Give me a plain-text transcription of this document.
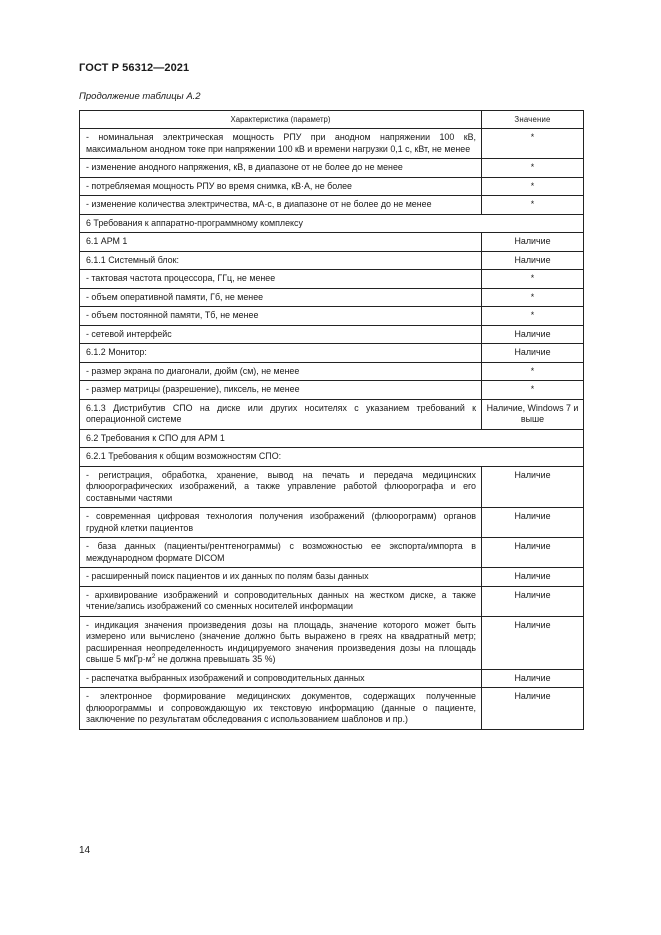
ГОСТ Р 56312—2021
Продолжение таблицы А.2
Характеристика (параметр)	Значение
- номинальная электрическая мощность РПУ при анодном напряжении 100 кВ, максимальном анодном токе при напряжении 100 кВ и времени нагрузки 0,1 с, кВт, не менее	*
- изменение анодного напряжения, кВ, в диапазоне от не более до не менее	*
- потребляемая мощность РПУ во время снимка, кВ·А, не более	*
- изменение количества электричества, мА·с, в диапазоне от не более до не менее	*
6 Требования к аппаратно-программному комплексу	
6.1 АРМ 1	Наличие
6.1.1 Системный блок:	Наличие
- тактовая частота процессора, ГГц, не менее	*
- объем оперативной памяти, Гб, не менее	*
- объем постоянной памяти, Тб, не менее	*
- сетевой интерфейс	Наличие
6.1.2 Монитор:	Наличие
- размер экрана по диагонали, дюйм (см), не менее	*
- размер матрицы (разрешение), пиксель, не менее	*
6.1.3 Дистрибутив СПО на диске или других носителях с указанием требований к операционной системе	Наличие, Windows 7 и выше
6.2 Требования к СПО для АРМ 1	
6.2.1 Требования к общим возможностям СПО:	
- регистрация, обработка, хранение, вывод на печать и передача медицинских флюорографических изображений, а также управление работой флюорографа и его составными частями	Наличие
- современная цифровая технология получения изображений (флюорограмм) органов грудной клетки пациентов	Наличие
- база данных (пациенты/рентгенограммы) с возможностью ее экспорта/импорта в международном формате DICOM	Наличие
- расширенный поиск пациентов и их данных по полям базы данных	Наличие
- архивирование изображений и сопроводительных данных на жестком диске, а также чтение/запись изображений со сменных носителей информации	Наличие
- индикация значения произведения дозы на площадь, значение которого может быть измерено или вычислено (значение должно быть выражено в греях на квадратный метр; расширенная неопределенность индицируемого значения произведения дозы на площадь свыше 5 $мкГр\cdot м^2$ не должна превышать 35 %)	Наличие
- распечатка выбранных изображений и сопроводительных данных	Наличие
- электронное формирование медицинских документов, содержащих полученные флюорограммы и сопровождающую их текстовую информацию (данные о пациенте, заключение по результатам обследования с использованием шаблонов и пр.)	Наличие
14
